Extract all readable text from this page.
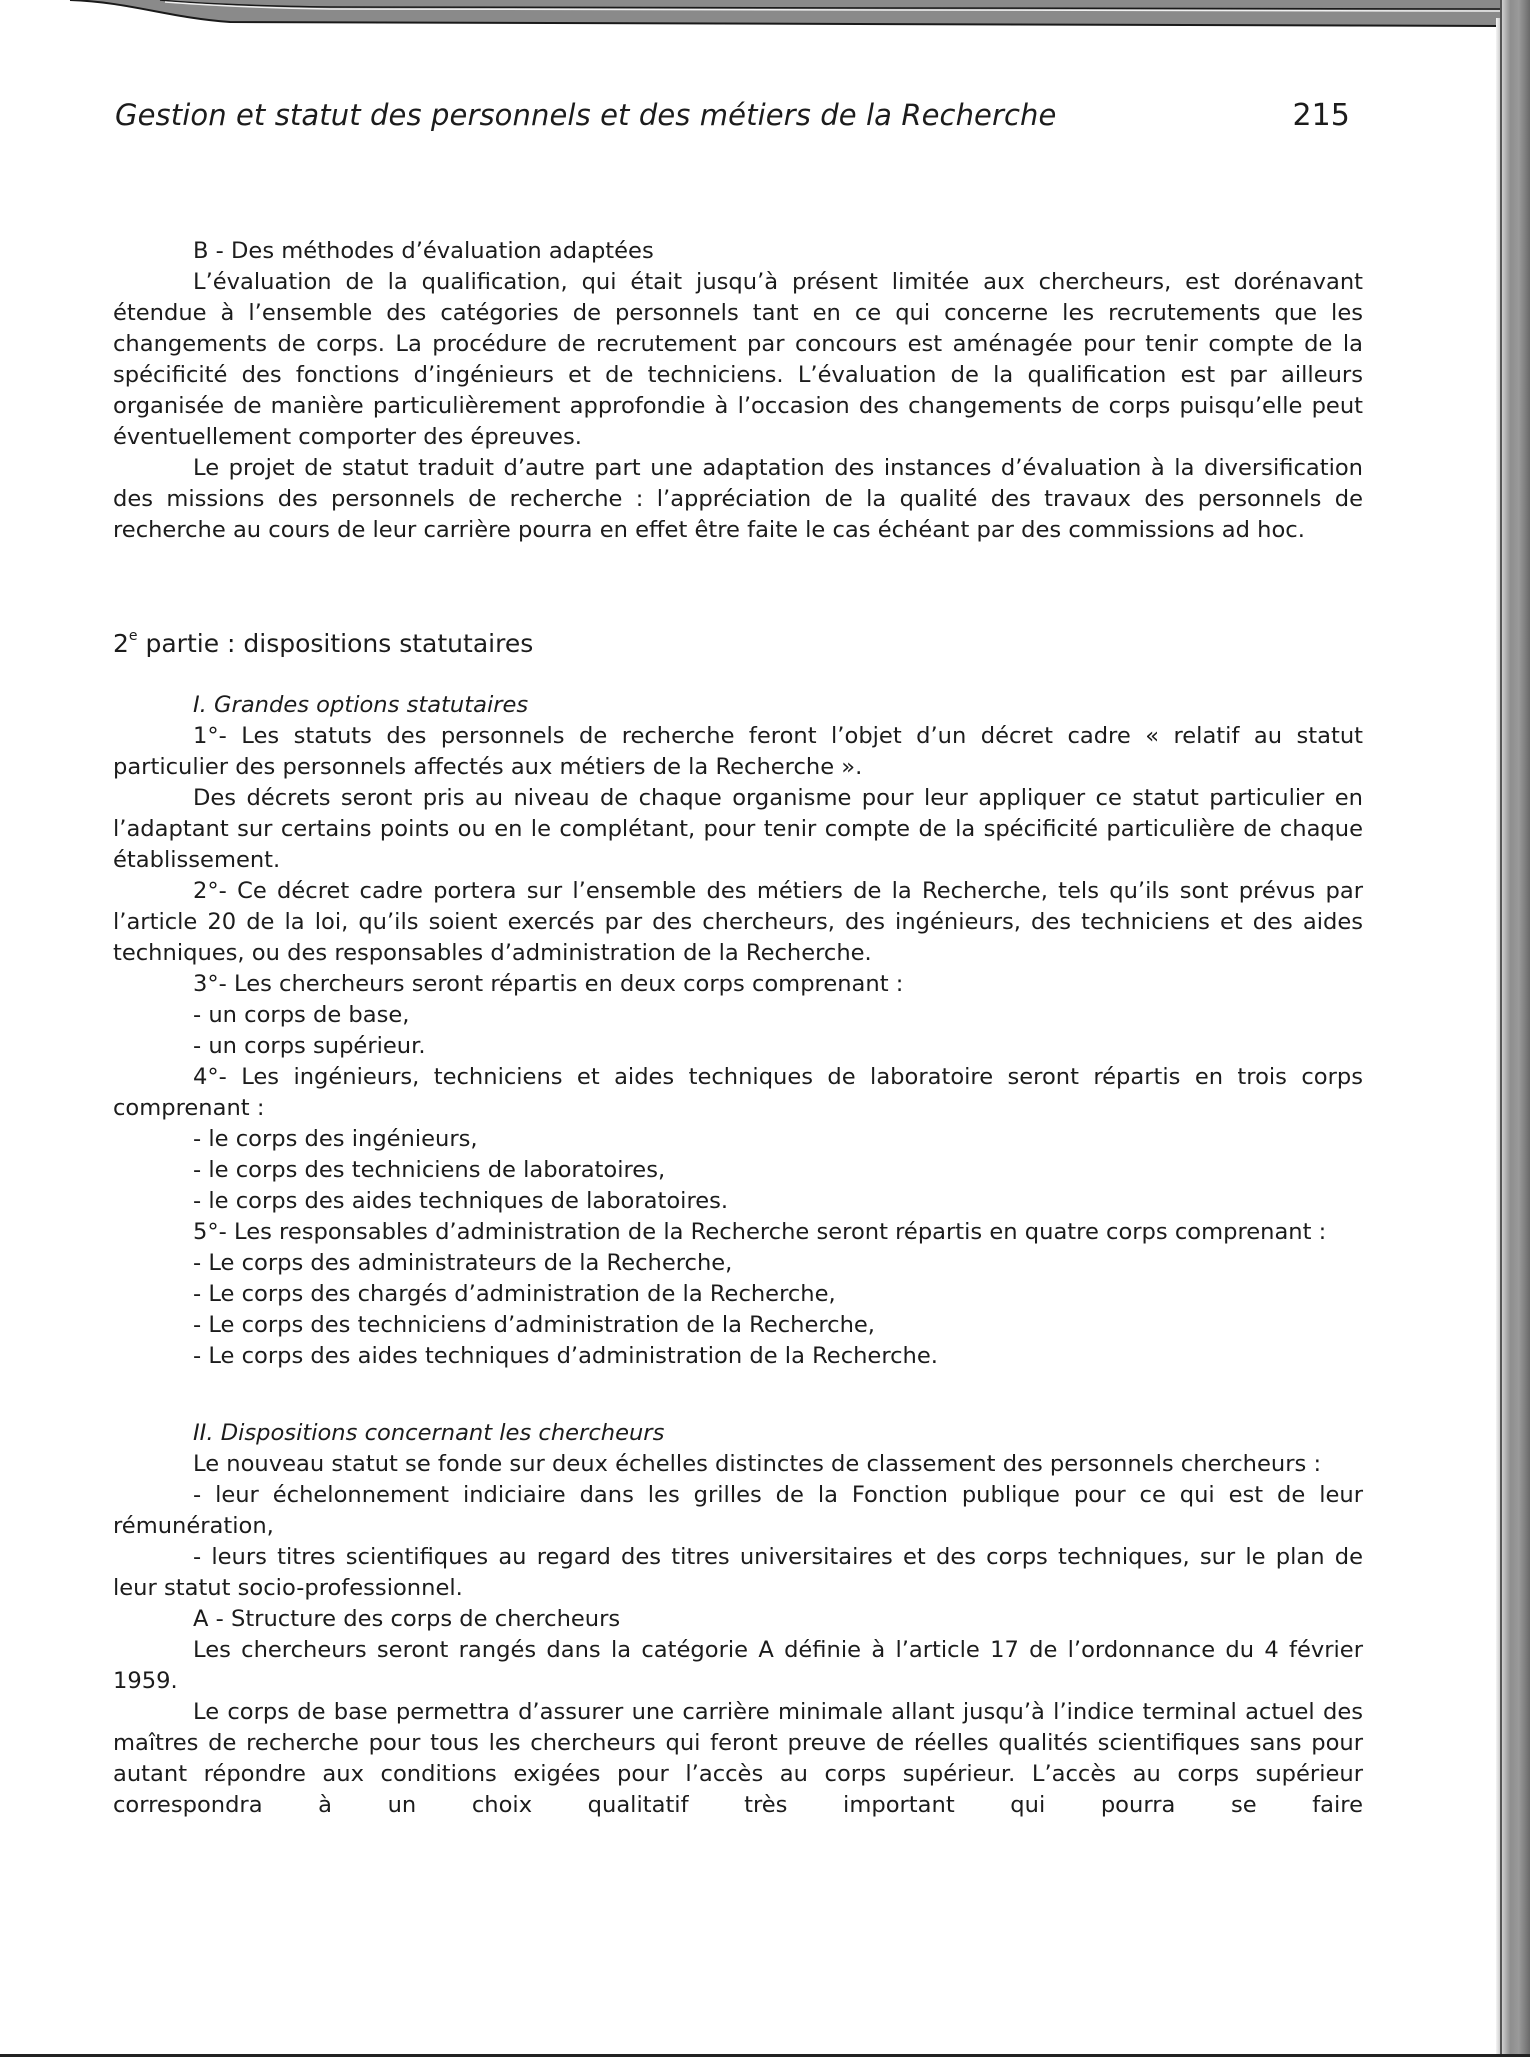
Gestion et statut des personnels et des métiers de la Recherche	215

B - Des méthodes d’évaluation adaptées

L’évaluation de la qualification, qui était jusqu’à présent limitée aux chercheurs, est dorénavant étendue à l’ensemble des catégories de personnels tant en ce qui concerne les recrutements que les changements de corps. La procédure de recrutement par concours est aménagée pour tenir compte de la spécificité des fonctions d’ingénieurs et de techniciens. L’évaluation de la qualification est par ailleurs organisée de manière particulièrement approfondie à l’occasion des changements de corps puisqu’elle peut éventuellement comporter des épreuves.

Le projet de statut traduit d’autre part une adaptation des instances d’évaluation à la diversification des missions des personnels de recherche : l’appréciation de la qualité des travaux des personnels de recherche au cours de leur carrière pourra en effet être faite le cas échéant par des commissions ad hoc.

2e partie : dispositions statutaires

I. Grandes options statutaires

1°- Les statuts des personnels de recherche feront l’objet d’un décret cadre « relatif au statut particulier des personnels affectés aux métiers de la Recherche ».

Des décrets seront pris au niveau de chaque organisme pour leur appliquer ce statut particulier en l’adaptant sur certains points ou en le complétant, pour tenir compte de la spécificité particulière de chaque établissement.

2°- Ce décret cadre portera sur l’ensemble des métiers de la Recherche, tels qu’ils sont prévus par l’article 20 de la loi, qu’ils soient exercés par des chercheurs, des ingénieurs, des techniciens et des aides techniques, ou des responsables d’administration de la Recherche.

3°- Les chercheurs seront répartis en deux corps comprenant :

- un corps de base,

- un corps supérieur.

4°- Les ingénieurs, techniciens et aides techniques de laboratoire seront répartis en trois corps comprenant :

- le corps des ingénieurs,

- le corps des techniciens de laboratoires,

- le corps des aides techniques de laboratoires.

5°- Les responsables d’administration de la Recherche seront répartis en quatre corps comprenant :

- Le corps des administrateurs de la Recherche,

- Le corps des chargés d’administration de la Recherche,

- Le corps des techniciens d’administration de la Recherche,

- Le corps des aides techniques d’administration de la Recherche.

II. Dispositions concernant les chercheurs

Le nouveau statut se fonde sur deux échelles distinctes de classement des personnels chercheurs :

- leur échelonnement indiciaire dans les grilles de la Fonction publique pour ce qui est de leur rémunération,

- leurs titres scientifiques au regard des titres universitaires et des corps techniques, sur le plan de leur statut socio-professionnel.

A - Structure des corps de chercheurs

Les chercheurs seront rangés dans la catégorie A définie à l’article 17 de l’ordonnance du 4 février 1959.

Le corps de base permettra d’assurer une carrière minimale allant jusqu’à l’indice terminal actuel des maîtres de recherche pour tous les chercheurs qui feront preuve de réelles qualités scientifiques sans pour autant répondre aux conditions exigées pour l’accès au corps supérieur. L’accès au corps supérieur correspondra à un choix qualitatif très important qui pourra se faire
